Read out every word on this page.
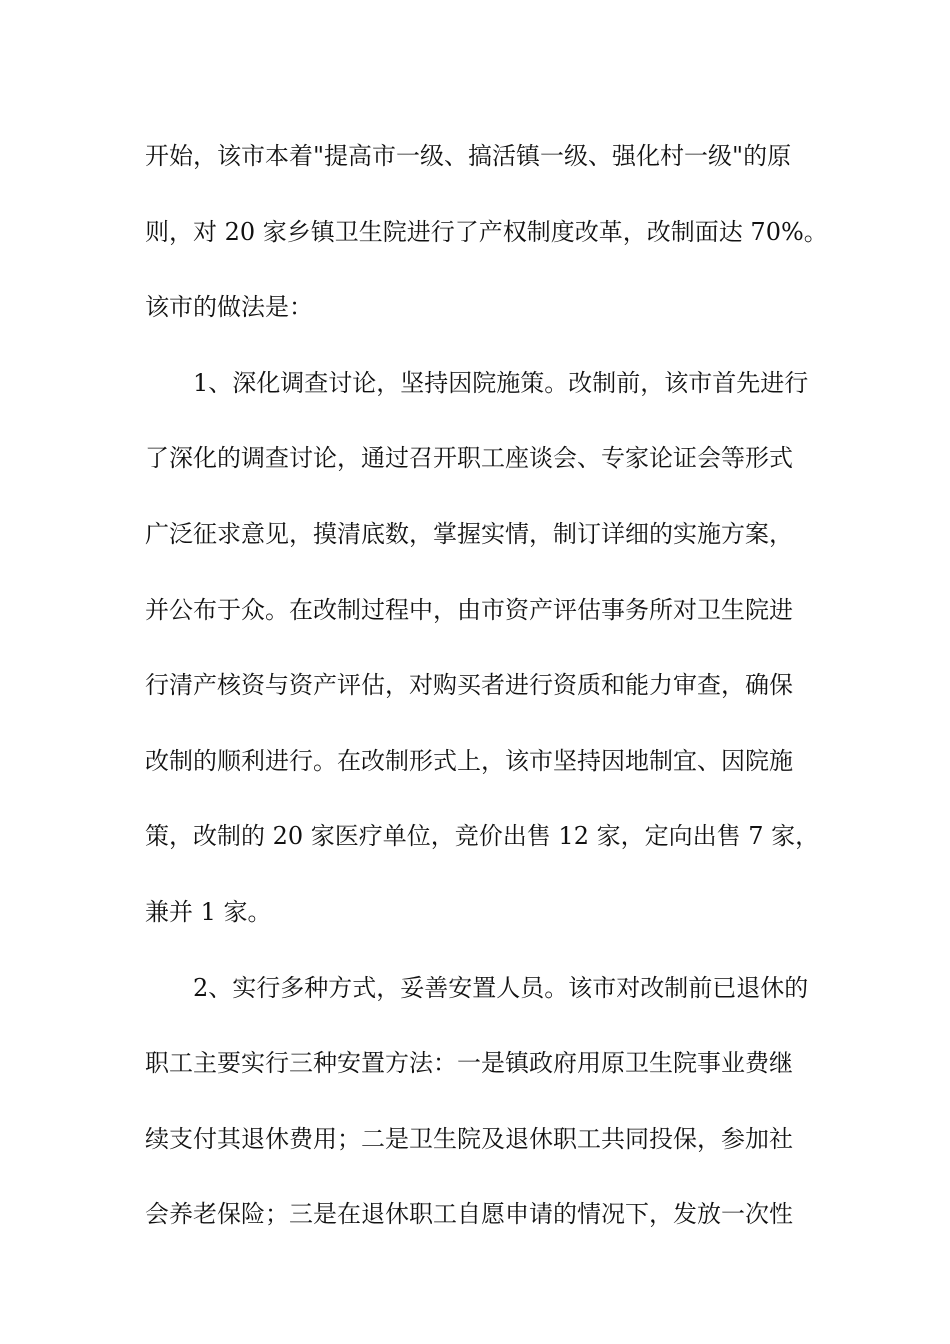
开始，该市本着"提高市一级、搞活镇一级、强化村一级"的原
则，对 20 家乡镇卫生院进行了产权制度改革，改制面达 70%。
该市的做法是：
1、深化调查讨论，坚持因院施策。改制前，该市首先进行
了深化的调查讨论，通过召开职工座谈会、专家论证会等形式
广泛征求意见，摸清底数，掌握实情，制订详细的实施方案，
并公布于众。在改制过程中，由市资产评估事务所对卫生院进
行清产核资与资产评估，对购买者进行资质和能力审查，确保
改制的顺利进行。在改制形式上，该市坚持因地制宜、因院施
策，改制的 20 家医疗单位，竞价出售 12 家，定向出售 7 家，
兼并 1 家。
2、实行多种方式，妥善安置人员。该市对改制前已退休的
职工主要实行三种安置方法：一是镇政府用原卫生院事业费继
续支付其退休费用；二是卫生院及退休职工共同投保，参加社
会养老保险；三是在退休职工自愿申请的情况下，发放一次性
